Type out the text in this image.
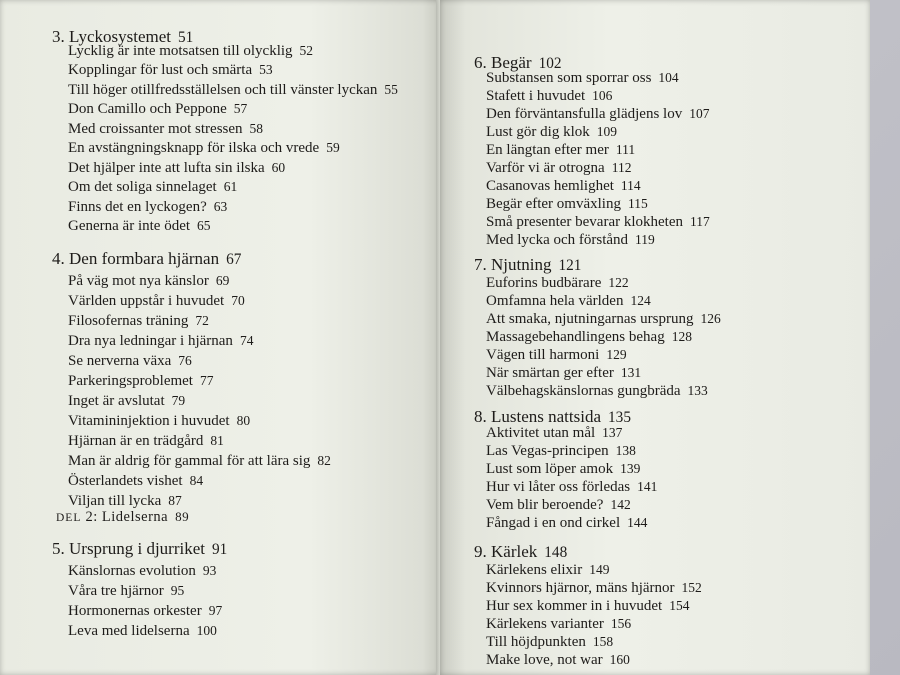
3. Lyckosystemet 51
Lycklig är inte motsatsen till olycklig 52
Kopplingar för lust och smärta 53
Till höger otillfredsställelsen och till vänster lyckan 55
Don Camillo och Peppone 57
Med croissanter mot stressen 58
En avstängningsknapp för ilska och vrede 59
Det hjälper inte att lufta sin ilska 60
Om det soliga sinnelaget 61
Finns det en lyckogen? 63
Generna är inte ödet 65
4. Den formbara hjärnan 67
På väg mot nya känslor 69
Världen uppstår i huvudet 70
Filosofernas träning 72
Dra nya ledningar i hjärnan 74
Se nerverna växa 76
Parkeringsproblemet 77
Inget är avslutat 79
Vitamininjektion i huvudet 80
Hjärnan är en trädgård 81
Man är aldrig för gammal för att lära sig 82
Österlandets vishet 84
Viljan till lycka 87
DEL 2: Lidelserna 89
5. Ursprung i djurriket 91
Känslornas evolution 93
Våra tre hjärnor 95
Hormonernas orkester 97
Leva med lidelserna 100
6. Begär 102
Substansen som sporrar oss 104
Stafett i huvudet 106
Den förväntansfulla glädjens lov 107
Lust gör dig klok 109
En längtan efter mer 111
Varför vi är otrogna 112
Casanovas hemlighet 114
Begär efter omväxling 115
Små presenter bevarar klokheten 117
Med lycka och förstånd 119
7. Njutning 121
Euforins budbärare 122
Omfamna hela världen 124
Att smaka, njutningarnas ursprung 126
Massagebehandlingens behag 128
Vägen till harmoni 129
När smärtan ger efter 131
Välbehagskänslornas gungbräda 133
8. Lustens nattsida 135
Aktivitet utan mål 137
Las Vegas-principen 138
Lust som löper amok 139
Hur vi låter oss förledas 141
Vem blir beroende? 142
Fångad i en ond cirkel 144
9. Kärlek 148
Kärlekens elixir 149
Kvinnors hjärnor, mäns hjärnor 152
Hur sex kommer in i huvudet 154
Kärlekens varianter 156
Till höjdpunkten 158
Make love, not war 160
